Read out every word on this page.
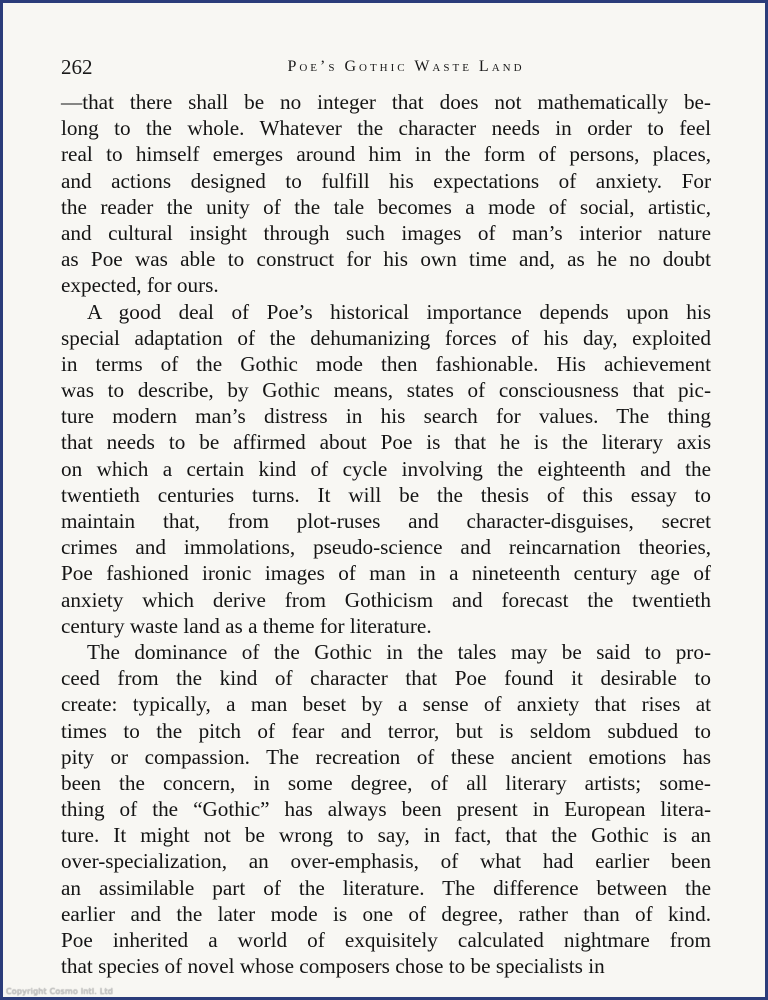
262	Poe’s Gothic Waste Land
—that there shall be no integer that does not mathematically be-
long to the whole. Whatever the character needs in order to feel
real to himself emerges around him in the form of persons, places,
and actions designed to fulfill his expectations of anxiety. For
the reader the unity of the tale becomes a mode of social, artistic,
and cultural insight through such images of man’s interior nature
as Poe was able to construct for his own time and, as he no doubt
expected, for ours.
A good deal of Poe’s historical importance depends upon his
special adaptation of the dehumanizing forces of his day, exploited
in terms of the Gothic mode then fashionable. His achievement
was to describe, by Gothic means, states of consciousness that pic-
ture modern man’s distress in his search for values. The thing
that needs to be affirmed about Poe is that he is the literary axis
on which a certain kind of cycle involving the eighteenth and the
twentieth centuries turns. It will be the thesis of this essay to
maintain that, from plot-ruses and character-disguises, secret
crimes and immolations, pseudo-science and reincarnation theories,
Poe fashioned ironic images of man in a nineteenth century age of
anxiety which derive from Gothicism and forecast the twentieth
century waste land as a theme for literature.
The dominance of the Gothic in the tales may be said to pro-
ceed from the kind of character that Poe found it desirable to
create: typically, a man beset by a sense of anxiety that rises at
times to the pitch of fear and terror, but is seldom subdued to
pity or compassion. The recreation of these ancient emotions has
been the concern, in some degree, of all literary artists; some-
thing of the “Gothic” has always been present in European litera-
ture. It might not be wrong to say, in fact, that the Gothic is an
over-specialization, an over-emphasis, of what had earlier been
an assimilable part of the literature. The difference between the
earlier and the later mode is one of degree, rather than of kind.
Poe inherited a world of exquisitely calculated nightmare from
that species of novel whose composers chose to be specialists in
Copyright Cosmo Intl. Ltd
